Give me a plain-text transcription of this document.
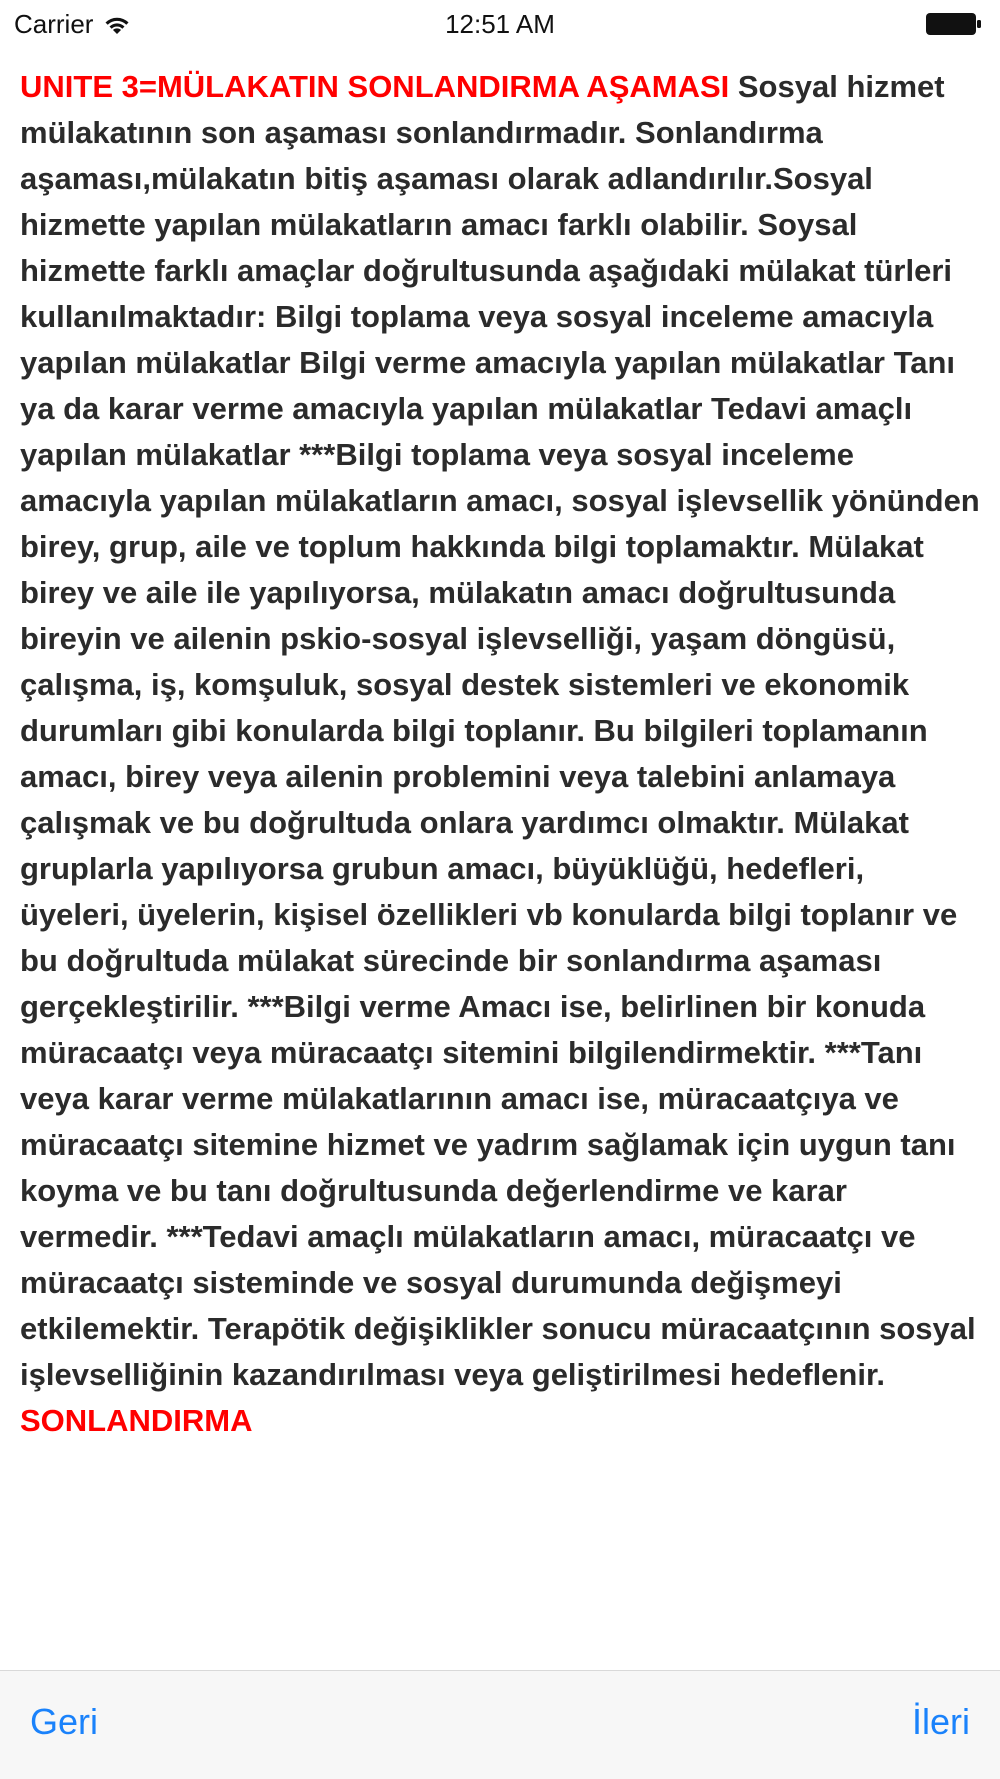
Carrier	12:51 AM

UNITE 3=MÜLAKATIN SONLANDIRMA AŞAMASI Sosyal hizmet mülakatının son aşaması sonlandırmadır. Sonlandırma aşaması,mülakatın bitiş aşaması olarak adlandırılır.Sosyal hizmette yapılan mülakatların amacı farklı olabilir. Soysal hizmette farklı amaçlar doğrultusunda aşağıdaki mülakat türleri kullanılmaktadır: Bilgi toplama veya sosyal inceleme amacıyla yapılan mülakatlar Bilgi verme amacıyla yapılan mülakatlar Tanı ya da karar verme amacıyla yapılan mülakatlar Tedavi amaçlı yapılan mülakatlar ***Bilgi toplama veya sosyal inceleme amacıyla yapılan mülakatların amacı, sosyal işlevsellik yönünden birey, grup, aile ve toplum hakkında bilgi toplamaktır. Mülakat birey ve aile ile yapılıyorsa, mülakatın amacı doğrultusunda bireyin ve ailenin pskio-sosyal işlevselliği, yaşam döngüsü, çalışma, iş, komşuluk, sosyal destek sistemleri ve ekonomik durumları gibi konularda bilgi toplanır. Bu bilgileri toplamanın amacı, birey veya ailenin problemini veya talebini anlamaya çalışmak ve bu doğrultuda onlara yardımcı olmaktır. Mülakat gruplarla yapılıyorsa grubun amacı, büyüklüğü, hedefleri, üyeleri, üyelerin, kişisel özellikleri vb konularda bilgi toplanır ve bu doğrultuda mülakat sürecinde bir sonlandırma aşaması gerçekleştirilir. ***Bilgi verme Amacı ise, belirlinen bir konuda müracaatçı veya müracaatçı sitemini bilgilendirmektir. ***Tanı veya karar verme mülakatlarının amacı ise, müracaatçıya ve müracaatçı sitemine hizmet ve yadrım sağlamak için uygun tanı koyma ve bu tanı doğrultusunda değerlendirme ve karar vermedir. ***Tedavi amaçlı mülakatların amacı, müracaatçı ve müracaatçı sisteminde ve sosyal durumunda değişmeyi etkilemektir. Terapötik değişiklikler sonucu müracaatçının sosyal işlevselliğinin kazandırılması veya geliştirilmesi hedeflenir. SONLANDIRMA

Geri	İleri
